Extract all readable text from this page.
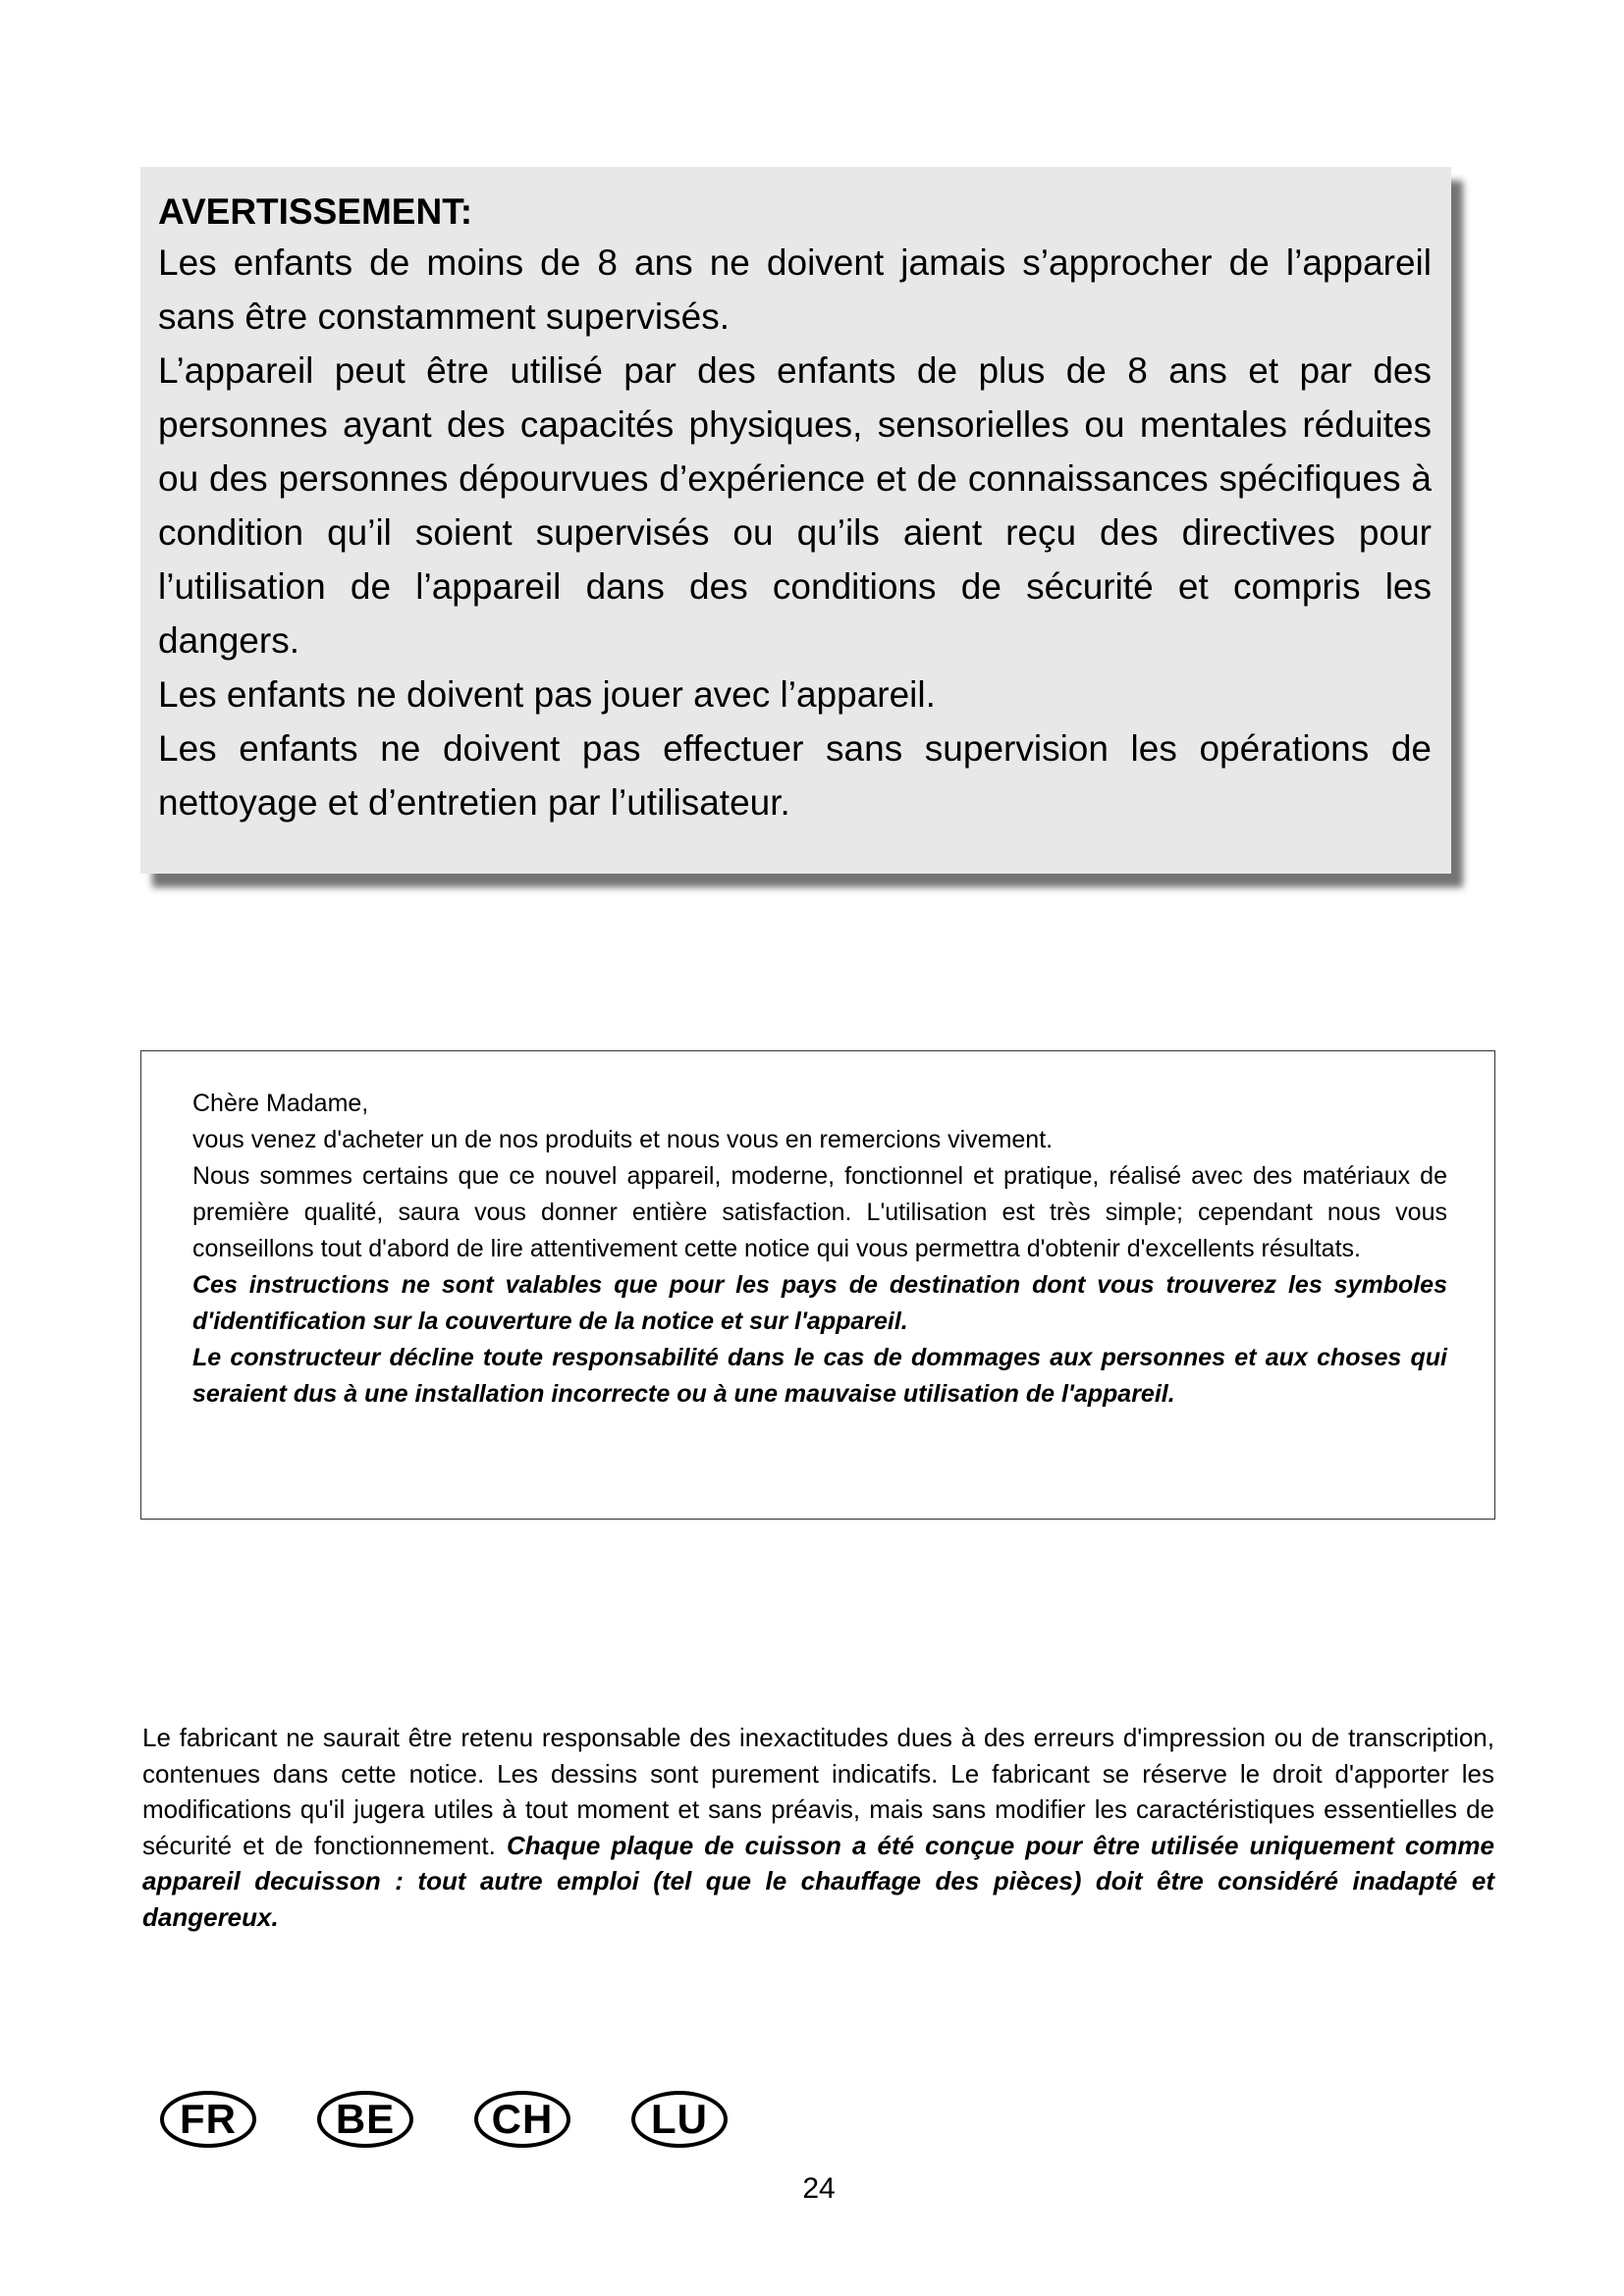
AVERTISSEMENT:

Les enfants de moins de 8 ans ne doivent jamais s’approcher de l’appareil sans être constamment supervisés.

L’appareil peut être utilisé par des enfants de plus de 8 ans et par des personnes ayant des capacités physiques, sensorielles ou mentales réduites ou des personnes dépourvues d’expérience et de connaissances spécifiques à condition qu’il soient supervisés ou qu’ils aient reçu des directives pour l’utilisation de l’appareil dans des conditions de sécurité et compris les dangers.

Les enfants ne doivent pas jouer avec l’appareil.

Les enfants ne doivent pas effectuer sans supervision les opérations de nettoyage et d’entretien par l’utilisateur.

Chère Madame,

vous venez d'acheter un de nos produits et nous vous en remercions vivement.

Nous sommes certains que ce nouvel appareil, moderne, fonctionnel et pratique, réalisé avec des matériaux de première qualité, saura vous donner entière satisfaction. L'utilisation est très simple; cependant nous vous conseillons tout d'abord de lire attentivement cette notice qui vous permettra d'obtenir d'excellents résultats.

Ces instructions ne sont valables que pour les pays de destination dont vous trouverez les symboles d'identification sur la couverture de la notice et sur l'appareil.

Le constructeur décline toute responsabilité dans le cas de dommages aux personnes et aux choses qui seraient dus à une installation incorrecte ou à une mauvaise utilisation de l'appareil.

Le fabricant ne saurait être retenu responsable des inexactitudes dues à des erreurs d'impression ou de transcription, contenues dans cette notice. Les dessins sont purement indicatifs. Le fabricant se réserve le droit d'apporter les modifications qu'il jugera utiles à tout moment et sans préavis, mais sans modifier les caractéristiques essentielles de sécurité et de fonctionnement. Chaque plaque de cuisson a été conçue pour être utilisée uniquement comme appareil decuisson : tout autre emploi (tel que le chauffage des pièces) doit être considéré inadapté et dangereux.

FR	BE	CH	LU
24
